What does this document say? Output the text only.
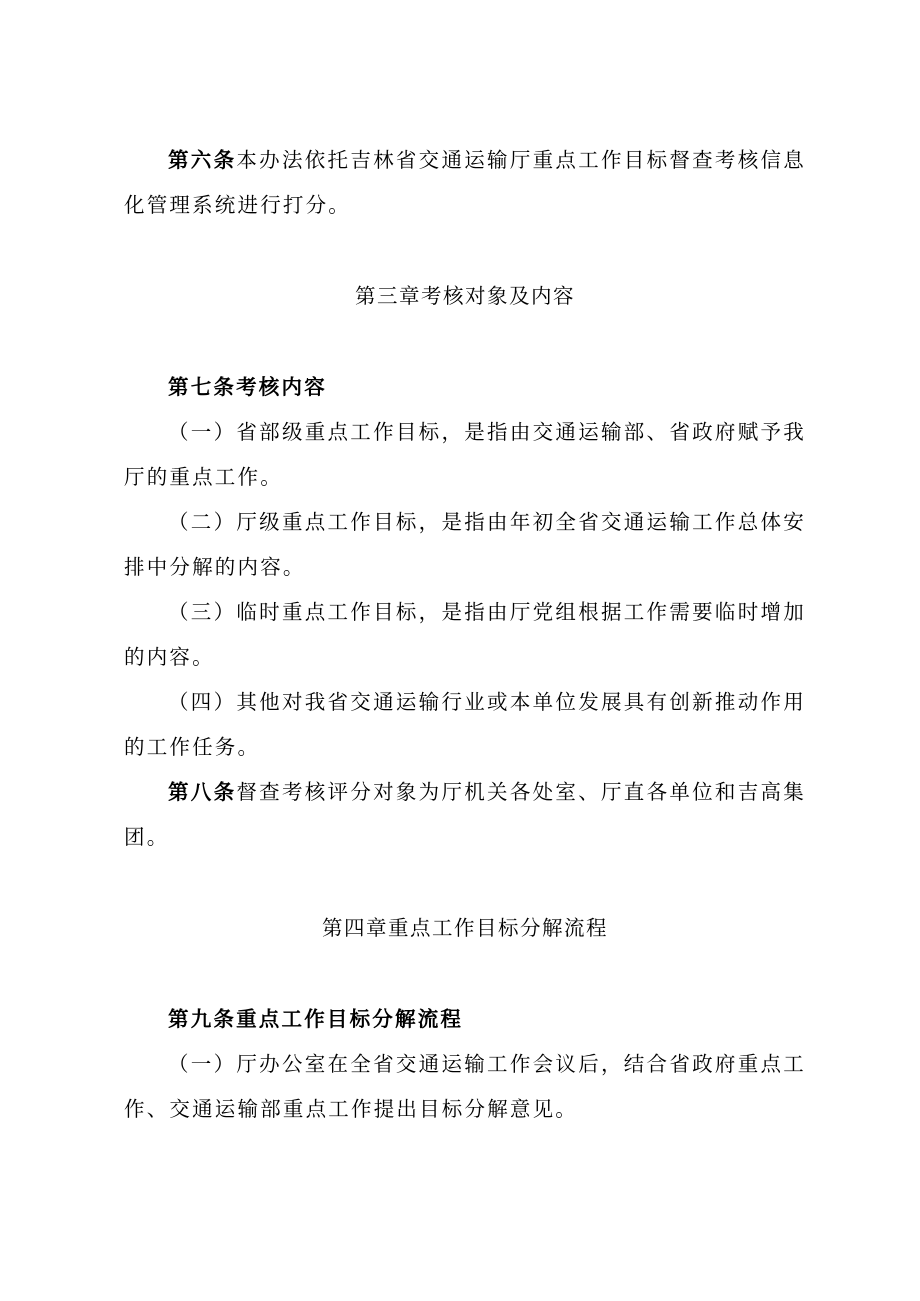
第六条本办法依托吉林省交通运输厅重点工作目标督查考核信息化管理系统进行打分。

第三章考核对象及内容

第七条考核内容

（一）省部级重点工作目标，是指由交通运输部、省政府赋予我厅的重点工作。

（二）厅级重点工作目标，是指由年初全省交通运输工作总体安排中分解的内容。

（三）临时重点工作目标，是指由厅党组根据工作需要临时增加的内容。

（四）其他对我省交通运输行业或本单位发展具有创新推动作用的工作任务。

第八条督查考核评分对象为厅机关各处室、厅直各单位和吉高集团。

第四章重点工作目标分解流程

第九条重点工作目标分解流程

（一）厅办公室在全省交通运输工作会议后，结合省政府重点工作、交通运输部重点工作提出目标分解意见。
